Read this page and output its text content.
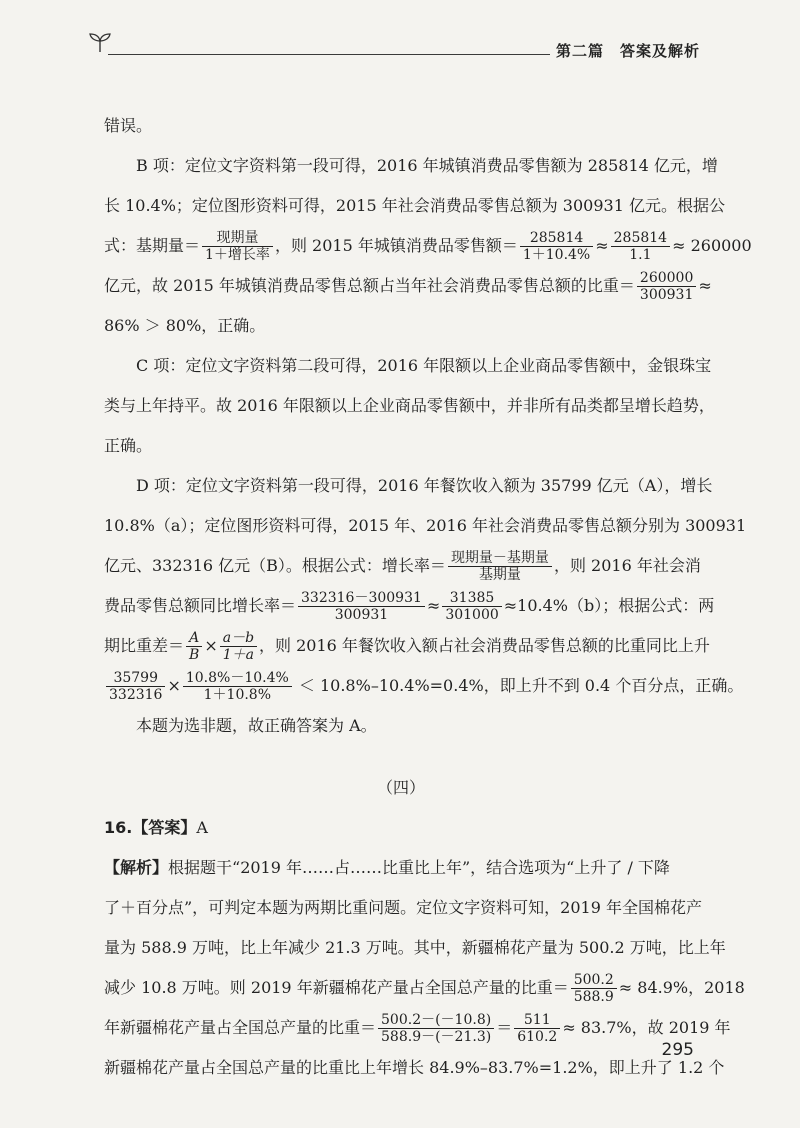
第二篇　答案及解析
错误。
B 项：定位文字资料第一段可得，2016 年城镇消费品零售额为 285814 亿元，增
长 10.4%；定位图形资料可得，2015 年社会消费品零售总额为 300931 亿元。根据公
式：基期量＝ $\frac{\text{现期量}}{\text{1＋增长率}}$ ，则 2015 年城镇消费品零售额＝ $\frac{285814}{1+10.4\%} \approx \frac{285814}{1.1} \approx 260000$
亿元，故 2015 年城镇消费品零售总额占当年社会消费品零售总额的比重＝ $\frac{260000}{300931}$ ≈
86% ＞ 80%，正确。
C 项：定位文字资料第二段可得，2016 年限额以上企业商品零售额中，金银珠宝
类与上年持平。故 2016 年限额以上企业商品零售额中，并非所有品类都呈增长趋势，
正确。
D 项：定位文字资料第一段可得，2016 年餐饮收入额为 35799 亿元（A），增长
10.8%（a）；定位图形资料可得，2015 年、2016 年社会消费品零售总额分别为 300931
亿元、332316 亿元（B）。根据公式：增长率＝ $\frac{\text{现期量－基期量}}{\text{基期量}}$ ，则 2016 年社会消
费品零售总额同比增长率＝ $\frac{332316-300931}{300931} \approx \frac{31385}{301000} \approx 10.4\%(b)$；根据公式：两
期比重差＝ $\frac{A}{B} \times \frac{a-b}{1+a}$ ，则 2016 年餐饮收入额占社会消费品零售总额的比重同比上升
$\frac{35799}{332316} \times \frac{10.8\%-10.4\%}{1+10.8\%} < 10.8\%-10.4\%=0.4\%$，即上升不到 0.4 个百分点，正确。
本题为选非题，故正确答案为 A。
（四）
16.【答案】A
【解析】根据题干“2019 年……占……比重比上年”，结合选项为“上升了 / 下降
了＋百分点”，可判定本题为两期比重问题。定位文字资料可知，2019 年全国棉花产
量为 588.9 万吨，比上年减少 21.3 万吨。其中，新疆棉花产量为 500.2 万吨，比上年
减少 10.8 万吨。则 2019 年新疆棉花产量占全国总产量的比重＝ $\frac{500.2}{588.9} \approx 84.9\%$，2018
年新疆棉花产量占全国总产量的比重＝ $\frac{500.2-(-10.8)}{588.9-(-21.3)} = \frac{511}{610.2} \approx 83.7\%$，故 2019 年
新疆棉花产量占全国总产量的比重比上年增长 84.9%–83.7%=1.2%，即上升了 1.2 个
295
